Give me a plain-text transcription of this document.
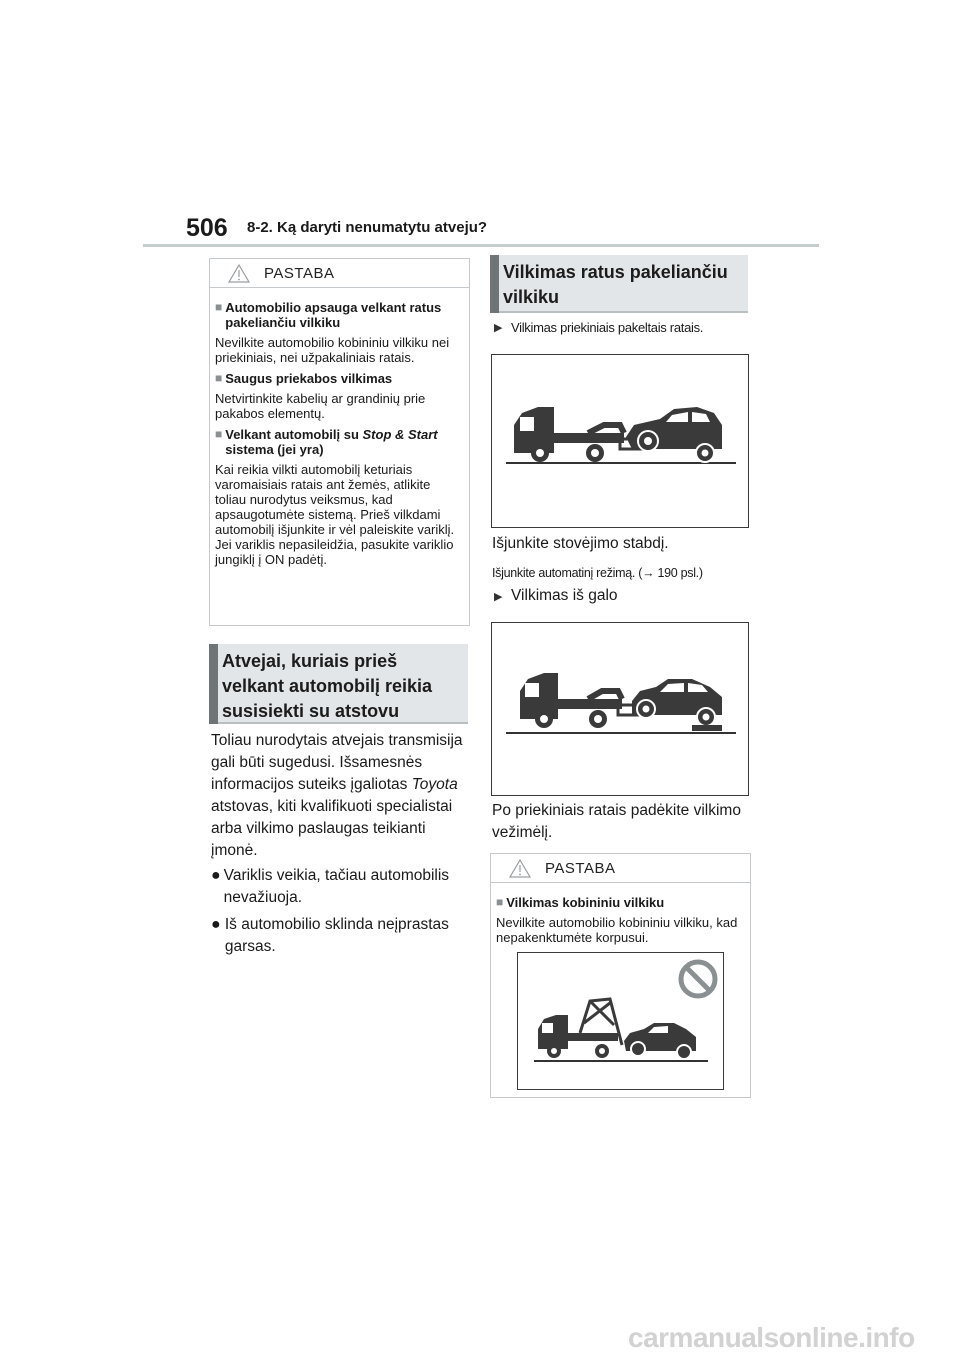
506 8-2. Ką daryti nenumatytu atveju?
PASTABA
■ Automobilio apsauga velkant ratus pakeliančiu vilkiku
Nevilkite automobilio kobininiu vilkiku nei priekiniais, nei užpakaliniais ratais.
■ Saugus priekabos vilkimas
Netvirtinkite kabelių ar grandinių prie pakabos elementų.
■ Velkant automobilį su Stop & Start sistema (jei yra)
Kai reikia vilkti automobilį keturiais varomaisiais ratais ant žemės, atlikite toliau nurodytus veiksmus, kad apsaugotumėte sistemą. Prieš vilkdami automobilį išjunkite ir vėl paleiskite variklį. Jei variklis nepasileidžia, pasukite variklio jungiklį į ON padėtį.
Atvejai, kuriais prieš velkant automobilį reikia susisiekti su atstovu
Toliau nurodytais atvejais transmisija gali būti sugedusi. Išsamesnės informacijos suteiks įgaliotas Toyota atstovas, kiti kvalifikuoti specialistai arba vilkimo paslaugas teikianti įmonė.
● Variklis veikia, tačiau automobilis nevažiuoja.
● Iš automobilio sklinda neįprastas garsas.
Vilkimas ratus pakeliančiu vilkiku
▶ Vilkimas priekiniais pakeltais ratais.
Išjunkite stovėjimo stabdį.
Išjunkite automatinį režimą. (→ 190 psl.)
▶ Vilkimas iš galo
Po priekiniais ratais padėkite vilkimo vežimėlį.
PASTABA
■ Vilkimas kobininiu vilkiku
Nevilkite automobilio kobininiu vilkiku, kad nepakenktumėte korpusui.
carmanualsonline.info
